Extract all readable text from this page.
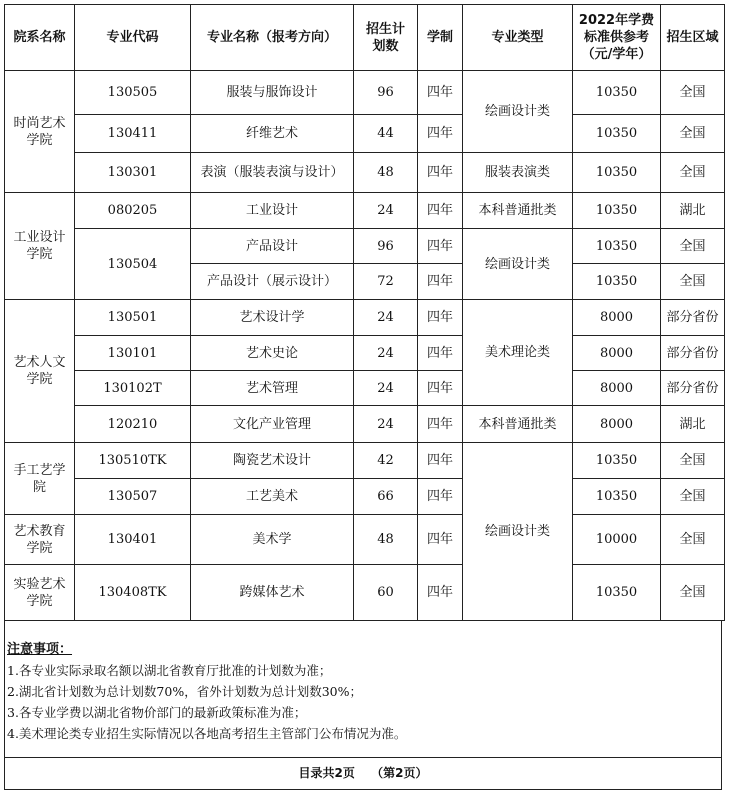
院系名称	专业代码	专业名称（报考方向）	招生计划数	学制	专业类型	2022年学费标准供参考（元/学年）	招生区域
时尚艺术学院	130505	服装与服饰设计	96	四年	绘画设计类	10350	全国
	130411	纤维艺术	44	四年		10350	全国
	130301	表演（服装表演与设计）	48	四年	服装表演类	10350	全国
工业设计学院	080205	工业设计	24	四年	本科普通批类	10350	湖北
	130504	产品设计	96	四年	绘画设计类	10350	全国
		产品设计（展示设计）	72	四年		10350	全国
艺术人文学院	130501	艺术设计学	24	四年	美术理论类	8000	部分省份
	130101	艺术史论	24	四年		8000	部分省份
	130102T	艺术管理	24	四年		8000	部分省份
	120210	文化产业管理	24	四年	本科普通批类	8000	湖北
手工艺学院	130510TK	陶瓷艺术设计	42	四年	绘画设计类	10350	全国
	130507	工艺美术	66	四年		10350	全国
艺术教育学院	130401	美术学	48	四年		10000	全国
实验艺术学院	130408TK	跨媒体艺术	60	四年		10350	全国
注意事项：
1.各专业实际录取名额以湖北省教育厅批准的计划数为准；
2.湖北省计划数为总计划数70%，省外计划数为总计划数30%；
3.各专业学费以湖北省物价部门的最新政策标准为准；
4.美术理论类专业招生实际情况以各地高考招生主管部门公布情况为准。
目录共2页 （第2页）
